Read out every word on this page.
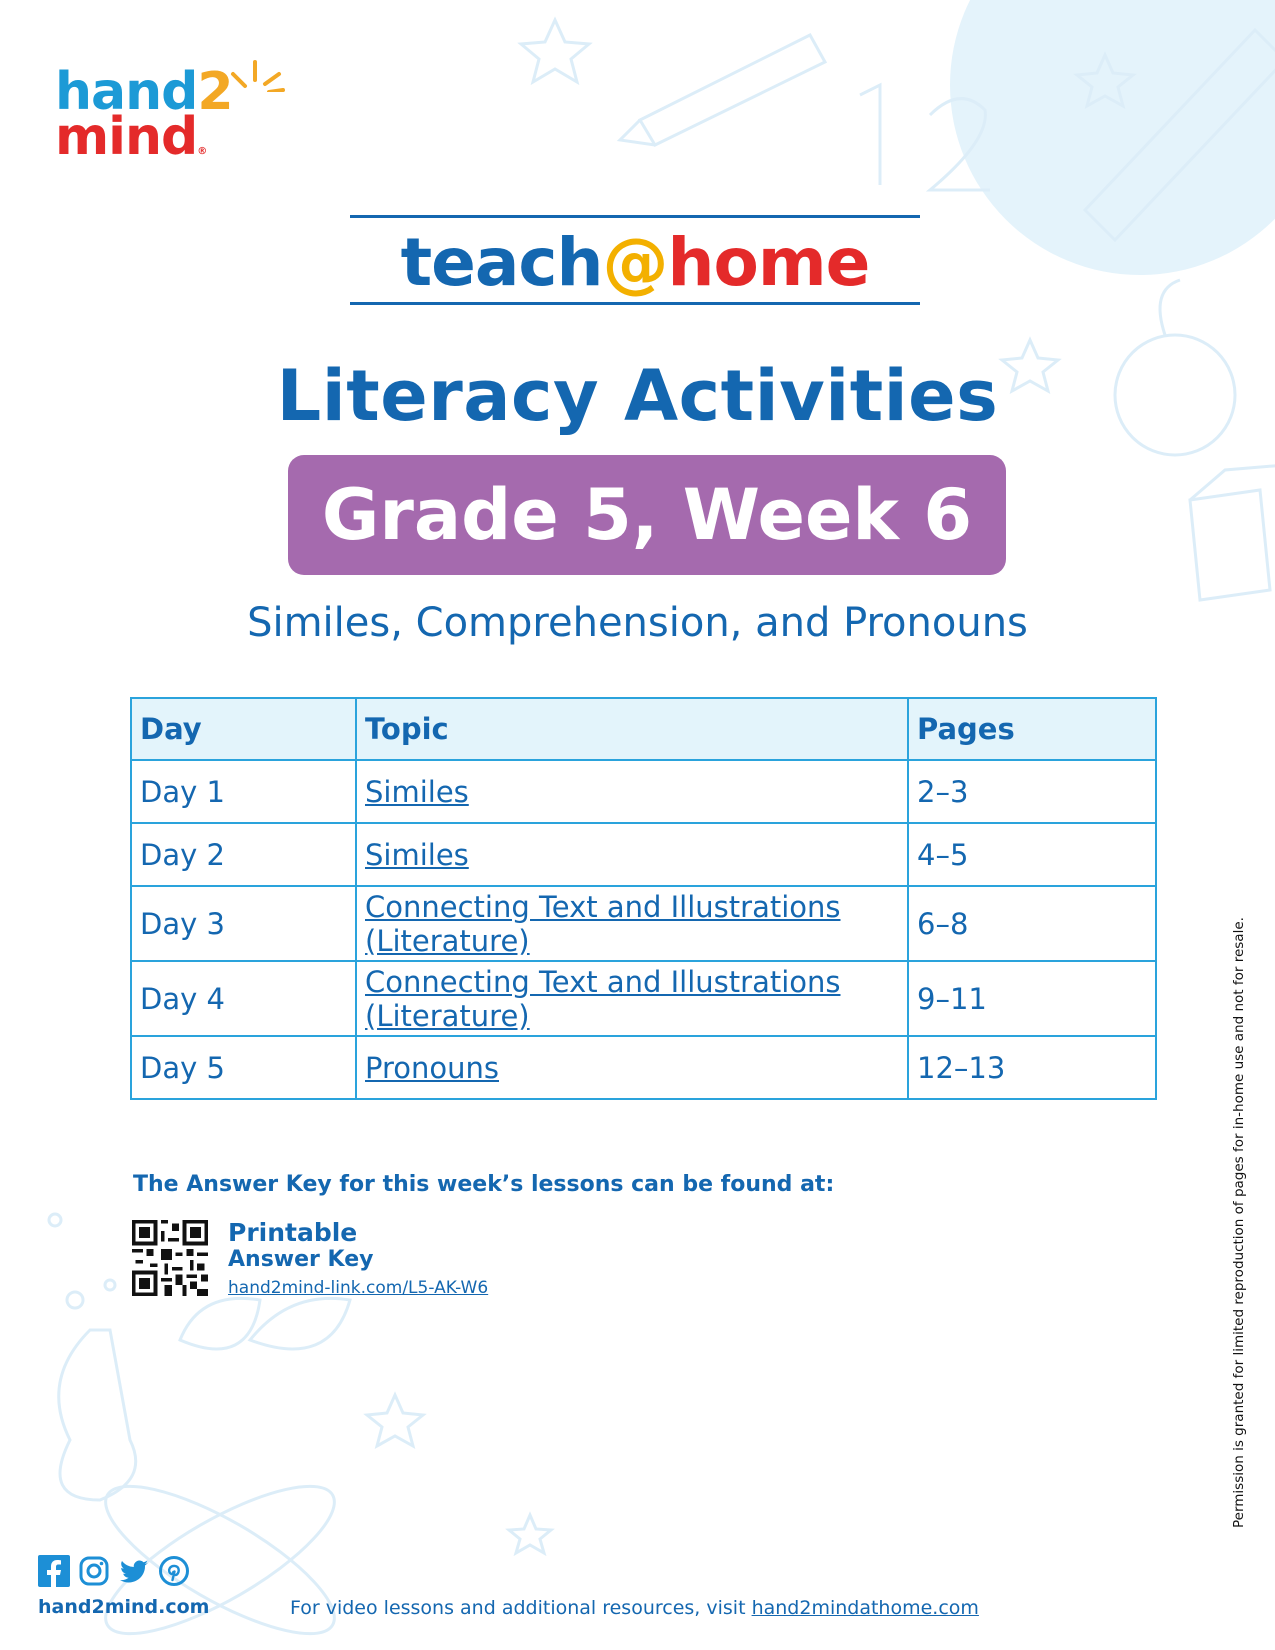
hand2
mind®
teach@home
Literacy Activities
Grade 5, Week 6
Similes, Comprehension, and Pronouns
Day	Topic	Pages
Day 1	Similes	2–3
Day 2	Similes	4–5
Day 3	Connecting Text and Illustrations (Literature)	6–8
Day 4	Connecting Text and Illustrations (Literature)	9–11
Day 5	Pronouns	12–13
The Answer Key for this week’s lessons can be found at:
Printable
Answer Key
hand2mind-link.com/L5-AK-W6	Permission is granted for limited reproduction of pages for in-home use and not for resale.
hand2mind.com	For video lessons and additional resources, visit hand2mindathome.com
